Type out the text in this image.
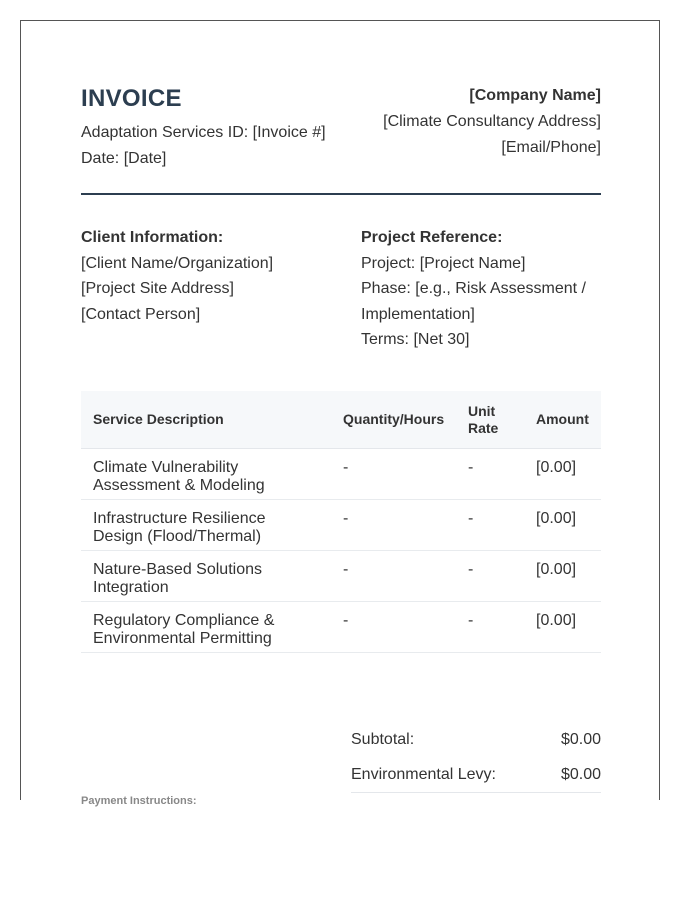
INVOICE
Adaptation Services ID: [Invoice #]
Date: [Date]
[Company Name]
[Climate Consultancy Address]
[Email/Phone]
Client Information:
[Client Name/Organization]
[Project Site Address]
[Contact Person]
Project Reference:
Project: [Project Name]
Phase: [e.g., Risk Assessment / Implementation]
Terms: [Net 30]
Service Description	Quantity/Hours	Unit Rate	Amount
Climate Vulnerability Assessment & Modeling	-	-	[0.00]
Infrastructure Resilience Design (Flood/Thermal)	-	-	[0.00]
Nature-Based Solutions Integration	-	-	[0.00]
Regulatory Compliance & Environmental Permitting	-	-	[0.00]
Subtotal:	$0.00
Environmental Levy:	$0.00
Payment Instructions:
